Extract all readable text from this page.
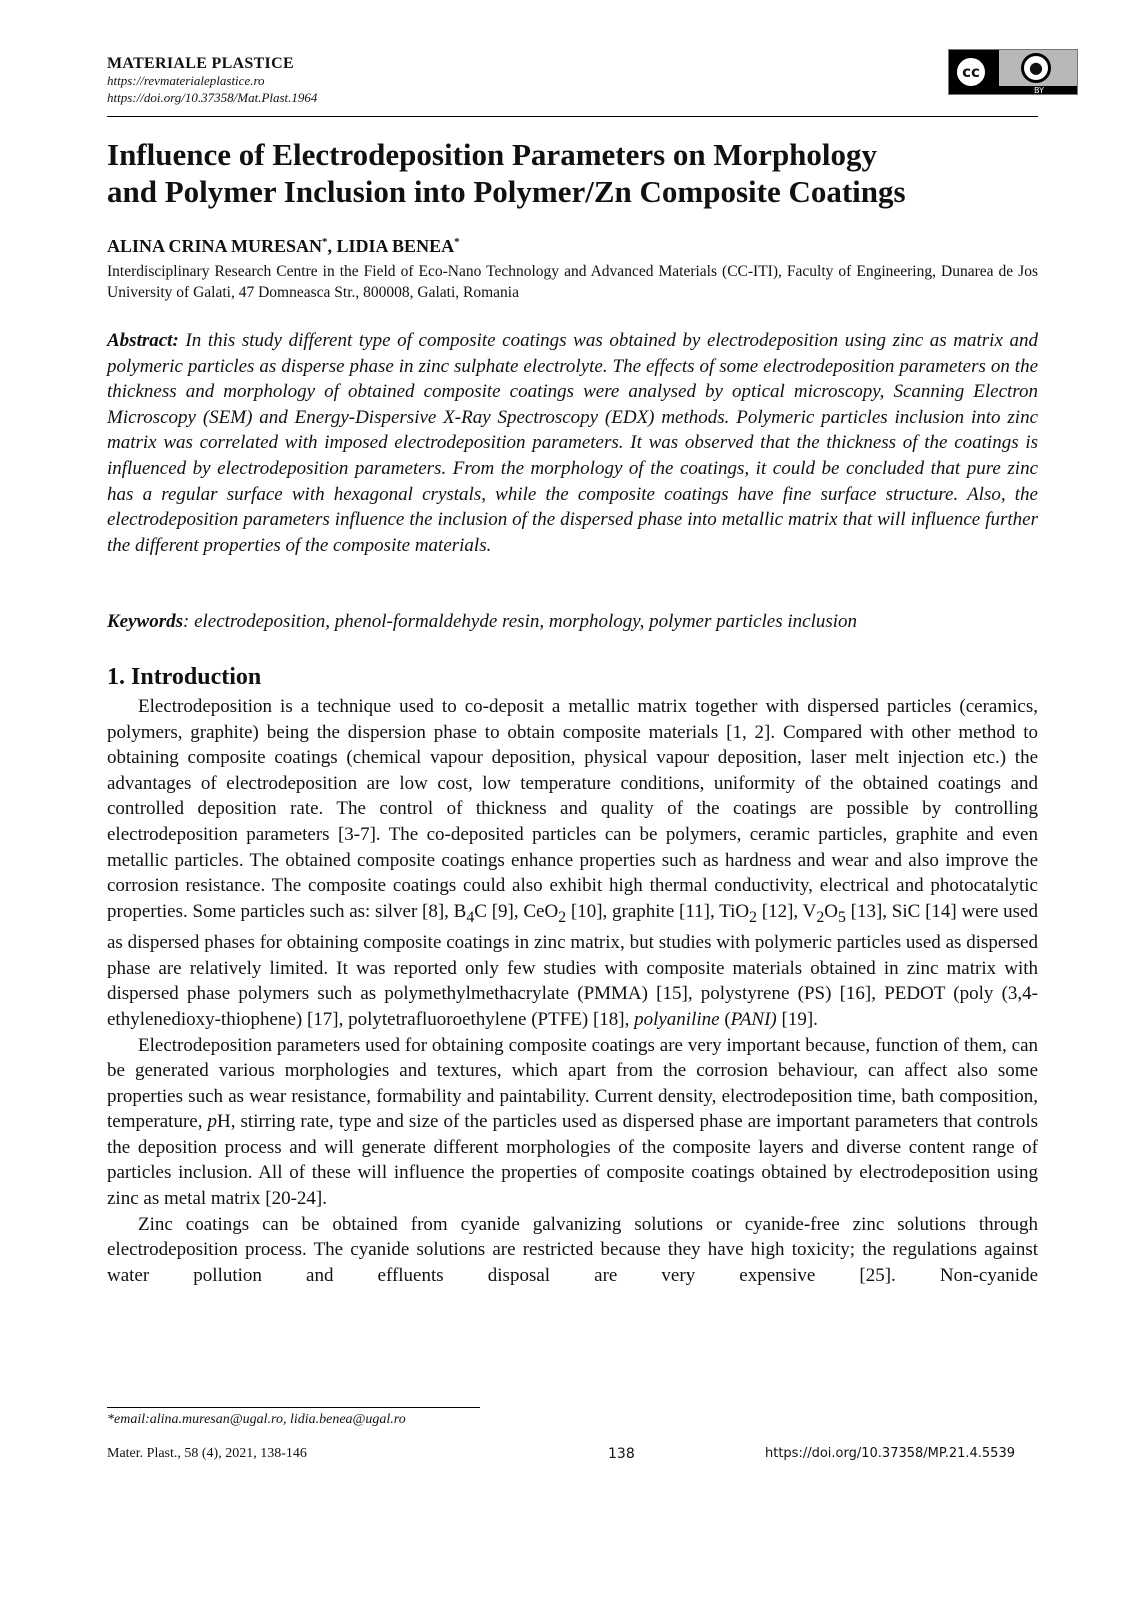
MATERIALE PLASTICE
https://revmaterialeplastice.ro
https://doi.org/10.37358/Mat.Plast.1964
cc	●
BY
Influence of Electrodeposition Parameters on Morphology
and Polymer Inclusion into Polymer/Zn Composite Coatings
ALINA CRINA MURESAN*, LIDIA BENEA*
Interdisciplinary Research Centre in the Field of Eco-Nano Technology and Advanced Materials (CC-ITI), Faculty of Engineering, Dunarea de Jos University of Galati, 47 Domneasca Str., 800008, Galati, Romania
Abstract: In this study different type of composite coatings was obtained by electrodeposition using zinc as matrix and polymeric particles as disperse phase in zinc sulphate electrolyte. The effects of some electrodeposition parameters on the thickness and morphology of obtained composite coatings were analysed by optical microscopy, Scanning Electron Microscopy (SEM) and Energy-Dispersive X-Ray Spectroscopy (EDX) methods. Polymeric particles inclusion into zinc matrix was correlated with imposed electrodeposition parameters. It was observed that the thickness of the coatings is influenced by electrodeposition parameters. From the morphology of the coatings, it could be concluded that pure zinc has a regular surface with hexagonal crystals, while the composite coatings have fine surface structure. Also, the electrodeposition parameters influence the inclusion of the dispersed phase into metallic matrix that will influence further the different properties of the composite materials.
Keywords: electrodeposition, phenol-formaldehyde resin, morphology, polymer particles inclusion
1. Introduction

Electrodeposition is a technique used to co-deposit a metallic matrix together with dispersed particles (ceramics, polymers, graphite) being the dispersion phase to obtain composite materials [1, 2]. Compared with other method to obtaining composite coatings (chemical vapour deposition, physical vapour deposition, laser melt injection etc.) the advantages of electrodeposition are low cost, low temperature conditions, uniformity of the obtained coatings and controlled deposition rate. The control of thickness and quality of the coatings are possible by controlling electrodeposition parameters [3-7]. The co-deposited particles can be polymers, ceramic particles, graphite and even metallic particles. The obtained composite coatings enhance properties such as hardness and wear and also improve the corrosion resistance. The composite coatings could also exhibit high thermal conductivity, electrical and photocatalytic properties. Some particles such as: silver [8], $B_4C$ [9], CeO$_2$ [10], graphite [11], TiO$_2$ [12], $V_2O_5$ [13], SiC [14] were used as dispersed phases for obtaining composite coatings in zinc matrix, but studies with polymeric particles used as dispersed phase are relatively limited. It was reported only few studies with composite materials obtained in zinc matrix with dispersed phase polymers such as polymethylmethacrylate (PMMA) [15], polystyrene (PS) [16], PEDOT (poly (3,4-ethylenedioxy-thiophene) [17], polytetrafluoroethylene (PTFE) [18], polyaniline (PANI) [19].

Electrodeposition parameters used for obtaining composite coatings are very important because, function of them, can be generated various morphologies and textures, which apart from the corrosion behaviour, can affect also some properties such as wear resistance, formability and paintability. Current density, electrodeposition time, bath composition, temperature, pH, stirring rate, type and size of the particles used as dispersed phase are important parameters that controls the deposition process and will generate different morphologies of the composite layers and diverse content range of particles inclusion. All of these will influence the properties of composite coatings obtained by electrodeposition using zinc as metal matrix [20-24].

Zinc coatings can be obtained from cyanide galvanizing solutions or cyanide-free zinc solutions through electrodeposition process. The cyanide solutions are restricted because they have high toxicity; the regulations against water pollution and effluents disposal are very expensive [25]. Non-cyanide

*email:alina.muresan@ugal.ro, lidia.benea@ugal.ro
Mater. Plast., 58 (4), 2021, 138-146	138	https://doi.org/10.37358/MP.21.4.5539
